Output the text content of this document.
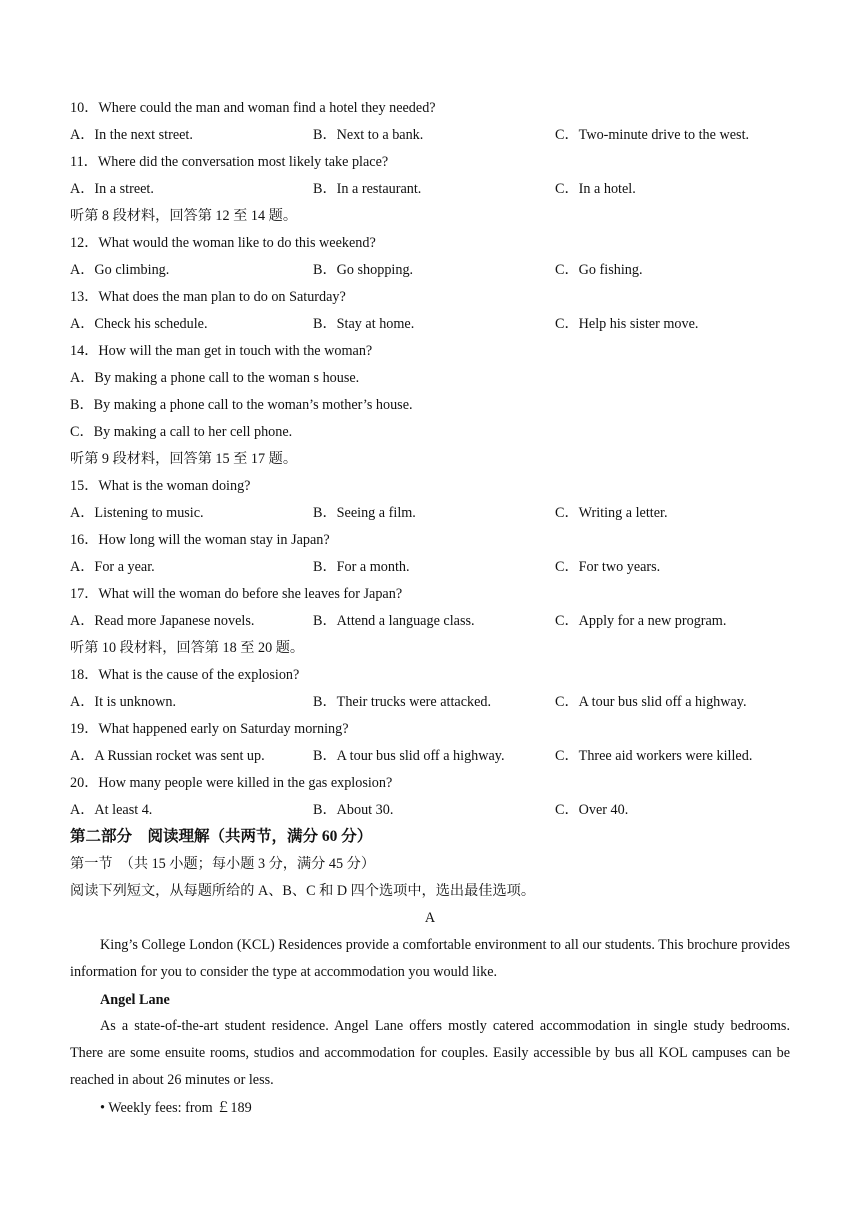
10．Where could the man and woman find a hotel they needed?
A．In the next street.	B．Next to a bank.	C．Two-minute drive to the west.
11．Where did the conversation most likely take place?
A．In a street.	B．In a restaurant.	C．In a hotel.
听第 8 段材料，回答第 12 至 14 题。
12．What would the woman like to do this weekend?
A．Go climbing.	B．Go shopping.	C．Go fishing.
13．What does the man plan to do on Saturday?
A．Check his schedule.	B．Stay at home.	C．Help his sister move.
14．How will the man get in touch with the woman?
A．By making a phone call to the woman s house.
B．By making a phone call to the woman’s mother’s house.
C．By making a call to her cell phone.
听第 9 段材料，回答第 15 至 17 题。
15．What is the woman doing?
A．Listening to music.	B．Seeing a film.	C．Writing a letter.
16．How long will the woman stay in Japan?
A．For a year.	B．For a month.	C．For two years.
17．What will the woman do before she leaves for Japan?
A．Read more Japanese novels.	B．Attend a language class.	C．Apply for a new program.
听第 10 段材料，回答第 18 至 20 题。
18．What is the cause of the explosion?
A．It is unknown.	B．Their trucks were attacked.	C．A tour bus slid off a highway.
19．What happened early on Saturday morning?
A．A Russian rocket was sent up.	B．A tour bus slid off a highway.	C．Three aid workers were killed.
20．How many people were killed in the gas explosion?
A．At least 4.	B．About 30.	C．Over 40.
第二部分　阅读理解（共两节，满分 60 分）
第一节　（共 15 小题；每小题 3 分，满分 45 分）
阅读下列短文，从每题所给的 A、B、C 和 D 四个选项中，选出最佳选项。
A
King’s College London (KCL) Residences provide a comfortable environment to all our students. This brochure provides information for you to consider the type at accommodation you would like.
Angel Lane
As a state-of-the-art student residence. Angel Lane offers mostly catered accommodation in single study bedrooms. There are some ensuite rooms, studios and accommodation for couples. Easily accessible by bus all KOL campuses can be reached in about 26 minutes or less.
• Weekly fees: from ￡189
